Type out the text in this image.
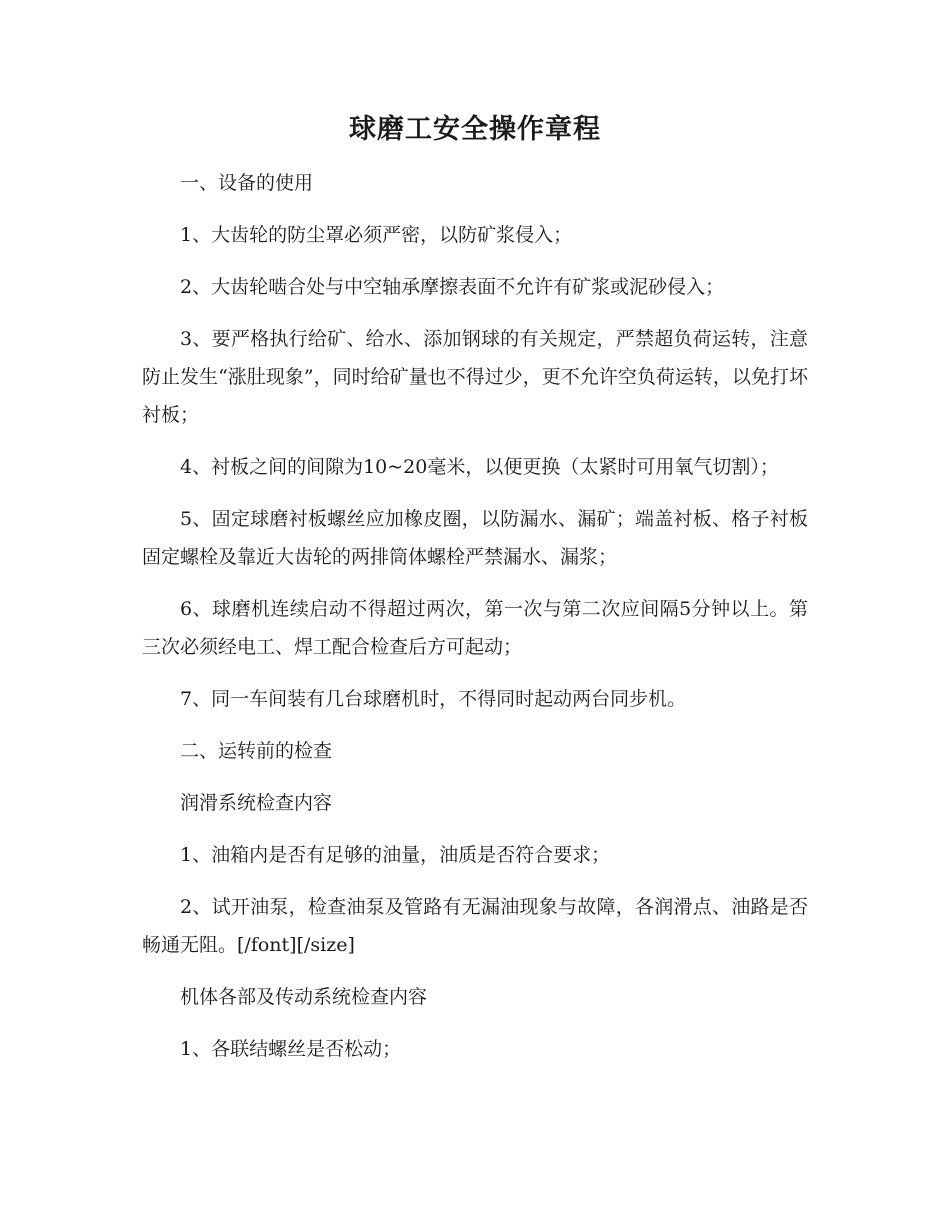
球磨工安全操作章程

一、设备的使用

1、大齿轮的防尘罩必须严密，以防矿浆侵入；

2、大齿轮啮合处与中空轴承摩擦表面不允许有矿浆或泥砂侵入；

3、要严格执行给矿、给水、添加钢球的有关规定，严禁超负荷运转，注意防止发生“涨肚现象”，同时给矿量也不得过少，更不允许空负荷运转，以免打坏衬板；

4、衬板之间的间隙为10~20毫米，以便更换（太紧时可用氧气切割）；

5、固定球磨衬板螺丝应加橡皮圈，以防漏水、漏矿；端盖衬板、格子衬板固定螺栓及靠近大齿轮的两排筒体螺栓严禁漏水、漏浆；

6、球磨机连续启动不得超过两次，第一次与第二次应间隔5分钟以上。第三次必须经电工、焊工配合检查后方可起动；

7、同一车间装有几台球磨机时，不得同时起动两台同步机。

二、运转前的检查

润滑系统检查内容

1、油箱内是否有足够的油量，油质是否符合要求；

2、试开油泵，检查油泵及管路有无漏油现象与故障，各润滑点、油路是否畅通无阻。[/font][/size]

机体各部及传动系统检查内容

1、各联结螺丝是否松动；
